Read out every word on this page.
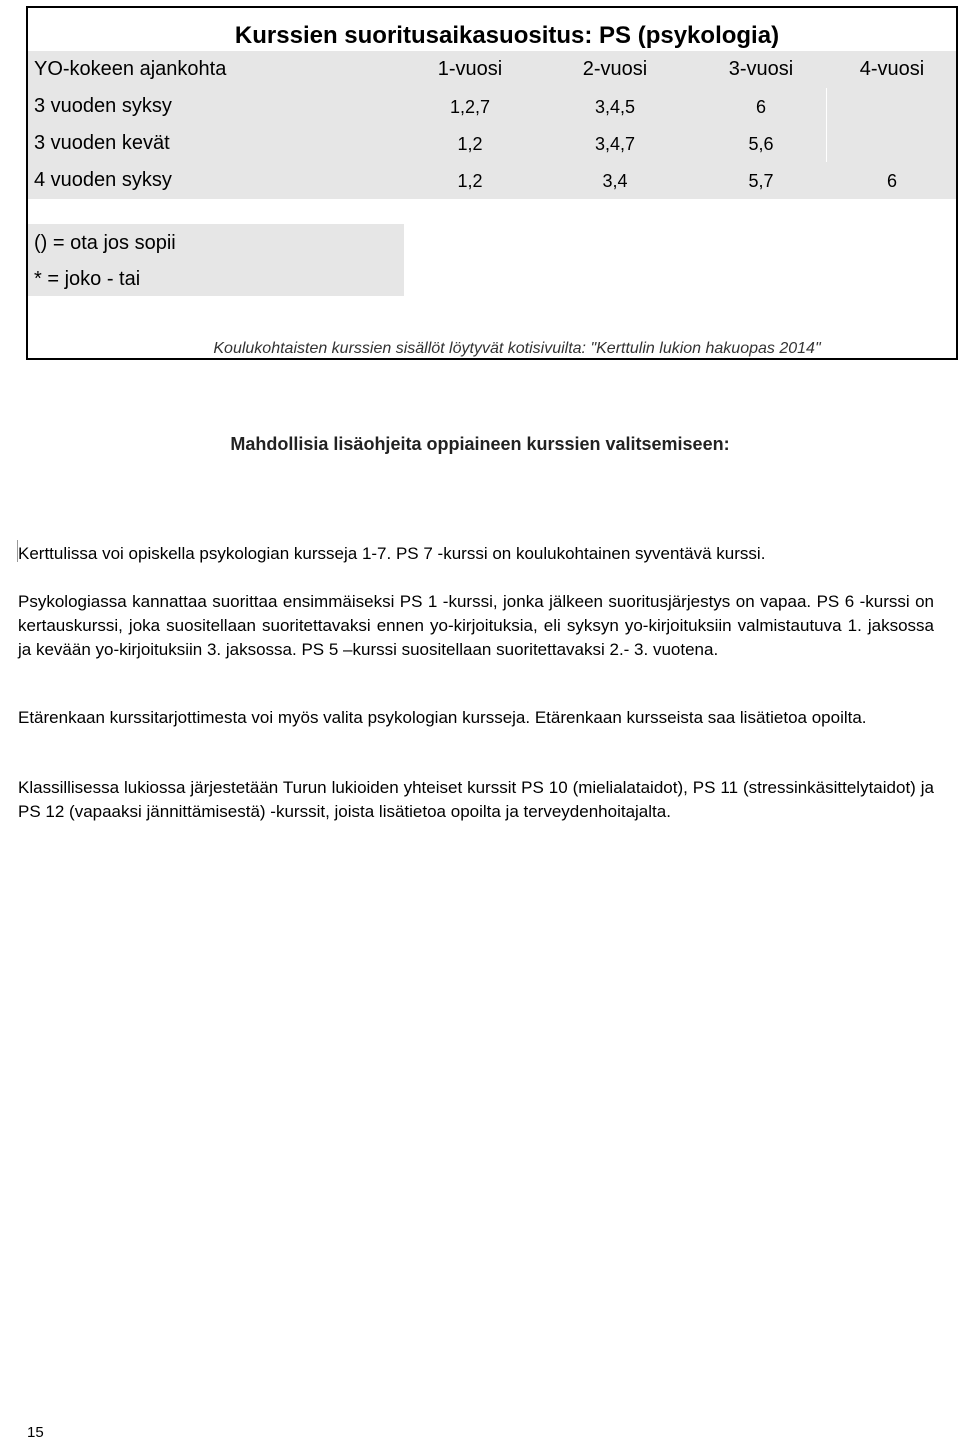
Kurssien suoritusaikasuositus: PS (psykologia)
YO-kokeen ajankohta	1-vuosi	2-vuosi	3-vuosi	4-vuosi
3 vuoden syksy	1,2,7	3,4,5	6
3 vuoden kevät	1,2	3,4,7	5,6
4 vuoden syksy	1,2	3,4	5,7	6
() = ota jos sopii
* = joko - tai
Koulukohtaisten kurssien sisällöt löytyvät kotisivuilta: "Kerttulin lukion hakuopas 2014"
Mahdollisia lisäohjeita oppiaineen kurssien valitsemiseen:
Kerttulissa voi opiskella psykologian kursseja 1-7. PS 7 -kurssi on koulukohtainen syventävä kurssi.
Psykologiassa kannattaa suorittaa ensimmäiseksi PS 1 -kurssi, jonka jälkeen suoritusjärjestys on vapaa. PS 6 -kurssi on kertauskurssi, joka suositellaan suoritettavaksi ennen yo-kirjoituksia, eli syksyn yo-kirjoituksiin valmistautuva 1. jaksossa ja kevään yo-kirjoituksiin 3. jaksossa. PS 5 –kurssi suositellaan suoritettavaksi 2.- 3. vuotena.
Etärenkaan kurssitarjottimesta voi myös valita psykologian kursseja. Etärenkaan kursseista saa lisätietoa opoilta.
Klassillisessa lukiossa järjestetään Turun lukioiden yhteiset kurssit PS 10 (mielialataidot), PS 11 (stressinkäsittelytaidot) ja PS 12 (vapaaksi jännittämisestä) -kurssit, joista lisätietoa opoilta ja terveydenhoitajalta.
15
